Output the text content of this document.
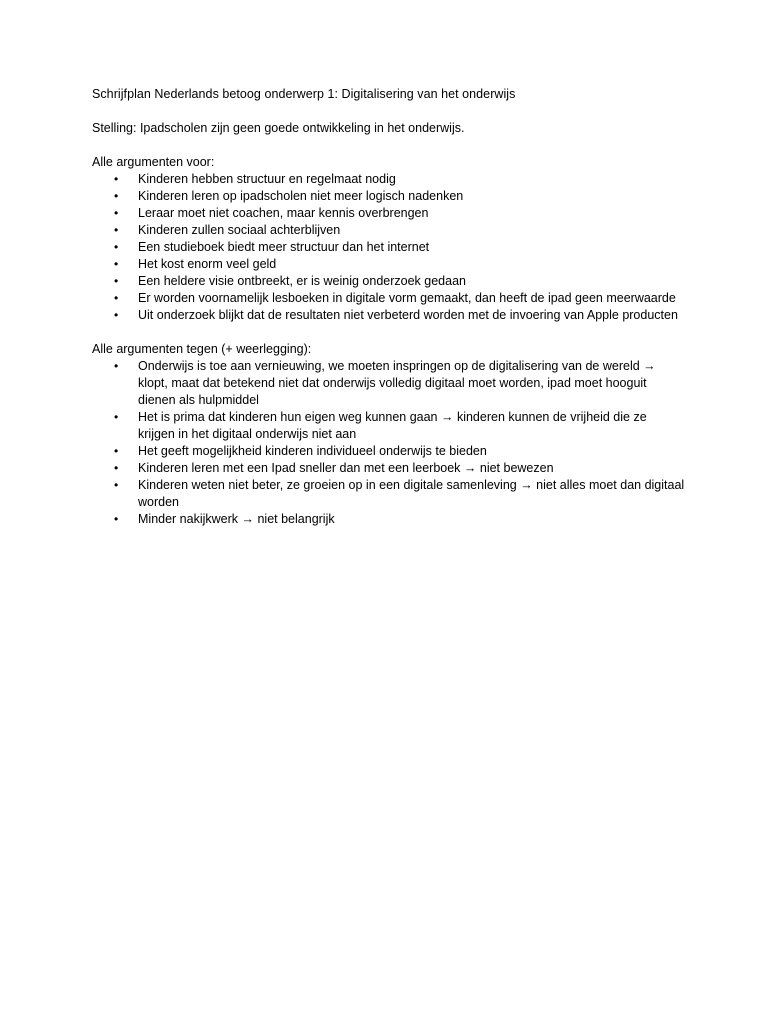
Schrijfplan Nederlands betoog onderwerp 1: Digitalisering van het onderwijs

Stelling: Ipadscholen zijn geen goede ontwikkeling in het onderwijs.

Alle argumenten voor:
• Kinderen hebben structuur en regelmaat nodig
• Kinderen leren op ipadscholen niet meer logisch nadenken
• Leraar moet niet coachen, maar kennis overbrengen
• Kinderen zullen sociaal achterblijven
• Een studieboek biedt meer structuur dan het internet
• Het kost enorm veel geld
• Een heldere visie ontbreekt, er is weinig onderzoek gedaan
• Er worden voornamelijk lesboeken in digitale vorm gemaakt, dan heeft de ipad geen meerwaarde
• Uit onderzoek blijkt dat de resultaten niet verbeterd worden met de invoering van Apple producten
Alle argumenten tegen (+ weerlegging):
• Onderwijs is toe aan vernieuwing, we moeten inspringen op de digitalisering van de wereld → klopt, maat dat betekend niet dat onderwijs volledig digitaal moet worden, ipad moet hooguit dienen als hulpmiddel
• Het is prima dat kinderen hun eigen weg kunnen gaan → kinderen kunnen de vrijheid die ze krijgen in het digitaal onderwijs niet aan
• Het geeft mogelijkheid kinderen individueel onderwijs te bieden
• Kinderen leren met een Ipad sneller dan met een leerboek → niet bewezen
• Kinderen weten niet beter, ze groeien op in een digitale samenleving → niet alles moet dan digitaal worden
• Minder nakijkwerk → niet belangrijk
